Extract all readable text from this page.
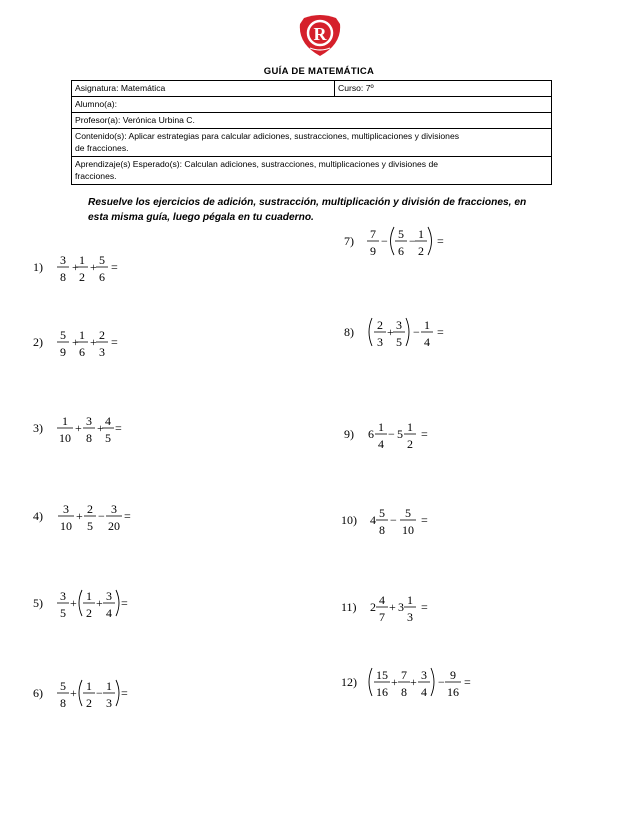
R
GUÍA DE MATEMÁTICA
Asignatura: Matemática	Curso: 7º
Alumno(a):
Profesor(a): Verónica Urbina C.
Contenido(s): Aplicar estrategias para calcular adiciones, sustracciones, multiplicaciones y divisiones
de fracciones.
Aprendizaje(s) Esperado(s): Calculan adiciones, sustracciones, multiplicaciones y divisiones de
fracciones.
Resuelve los ejercicios de adición, sustracción, multiplicación y división de fracciones, en
esta misma guía, luego pégala en tu cuaderno.
1) 3
8
+ 1
2
+ 5
6
=
2) 5
9
+ 1
6
+ 2
3
=
3) 1
10
+ 3
8
+ 4
5
=
4) 3
10
+ 2
5
− 3
20
=
5) 3
5
+ 1
2
+ 3
4
=
6) 5
8
+ 1
2
− 1
3
=
7) 7
9
− 5
6
− 1
2
=
8) 2
3
+ 3
5
− 1
4
=
9) 6 1
4
− 5 1
2
=
10) 4 5
8
− 5
10
=
11) 2 4
7
+ 3 1
3
=
12) 15
16
+ 7
8
+ 3
4
− 9
16
=
